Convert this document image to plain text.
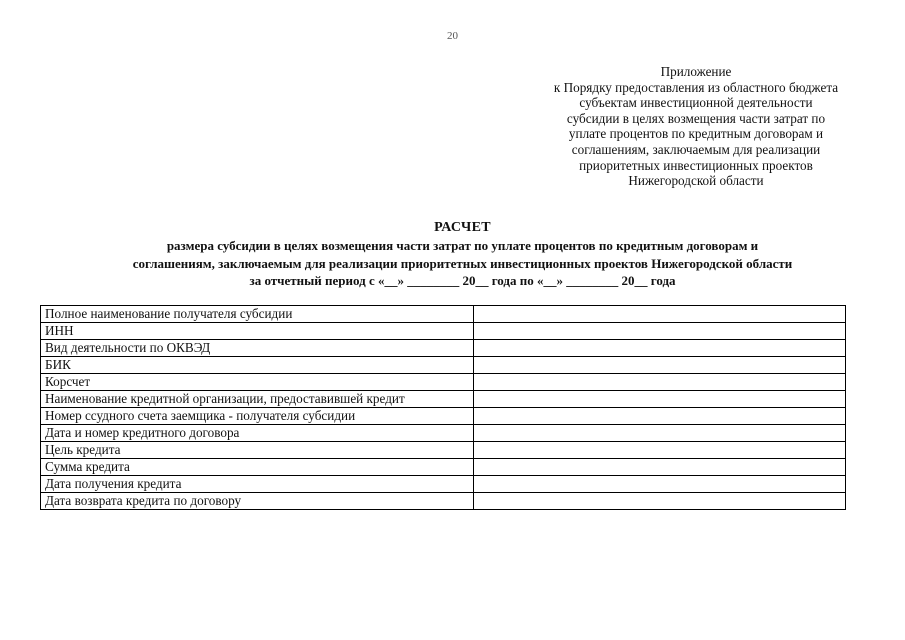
20
Приложение
к Порядку предоставления из областного бюджета
субъектам инвестиционной деятельности
субсидии в целях возмещения части затрат по
уплате процентов по кредитным договорам и
соглашениям, заключаемым для реализации
приоритетных инвестиционных проектов
Нижегородской области
РАСЧЕТ
размера субсидии в целях возмещения части затрат по уплате процентов по кредитным договорам и
соглашениям, заключаемым для реализации приоритетных инвестиционных проектов Нижегородской области
за отчетный период с «__» ________ 20__ года по «__» ________ 20__ года
Полное наименование получателя субсидии	
ИНН	
Вид деятельности по ОКВЭД	
БИК	
Корсчет	
Наименование кредитной организации, предоставившей кредит	
Номер ссудного счета заемщика - получателя субсидии	
Дата и номер кредитного договора	
Цель кредита	
Сумма кредита	
Дата получения кредита	
Дата возврата кредита по договору	
